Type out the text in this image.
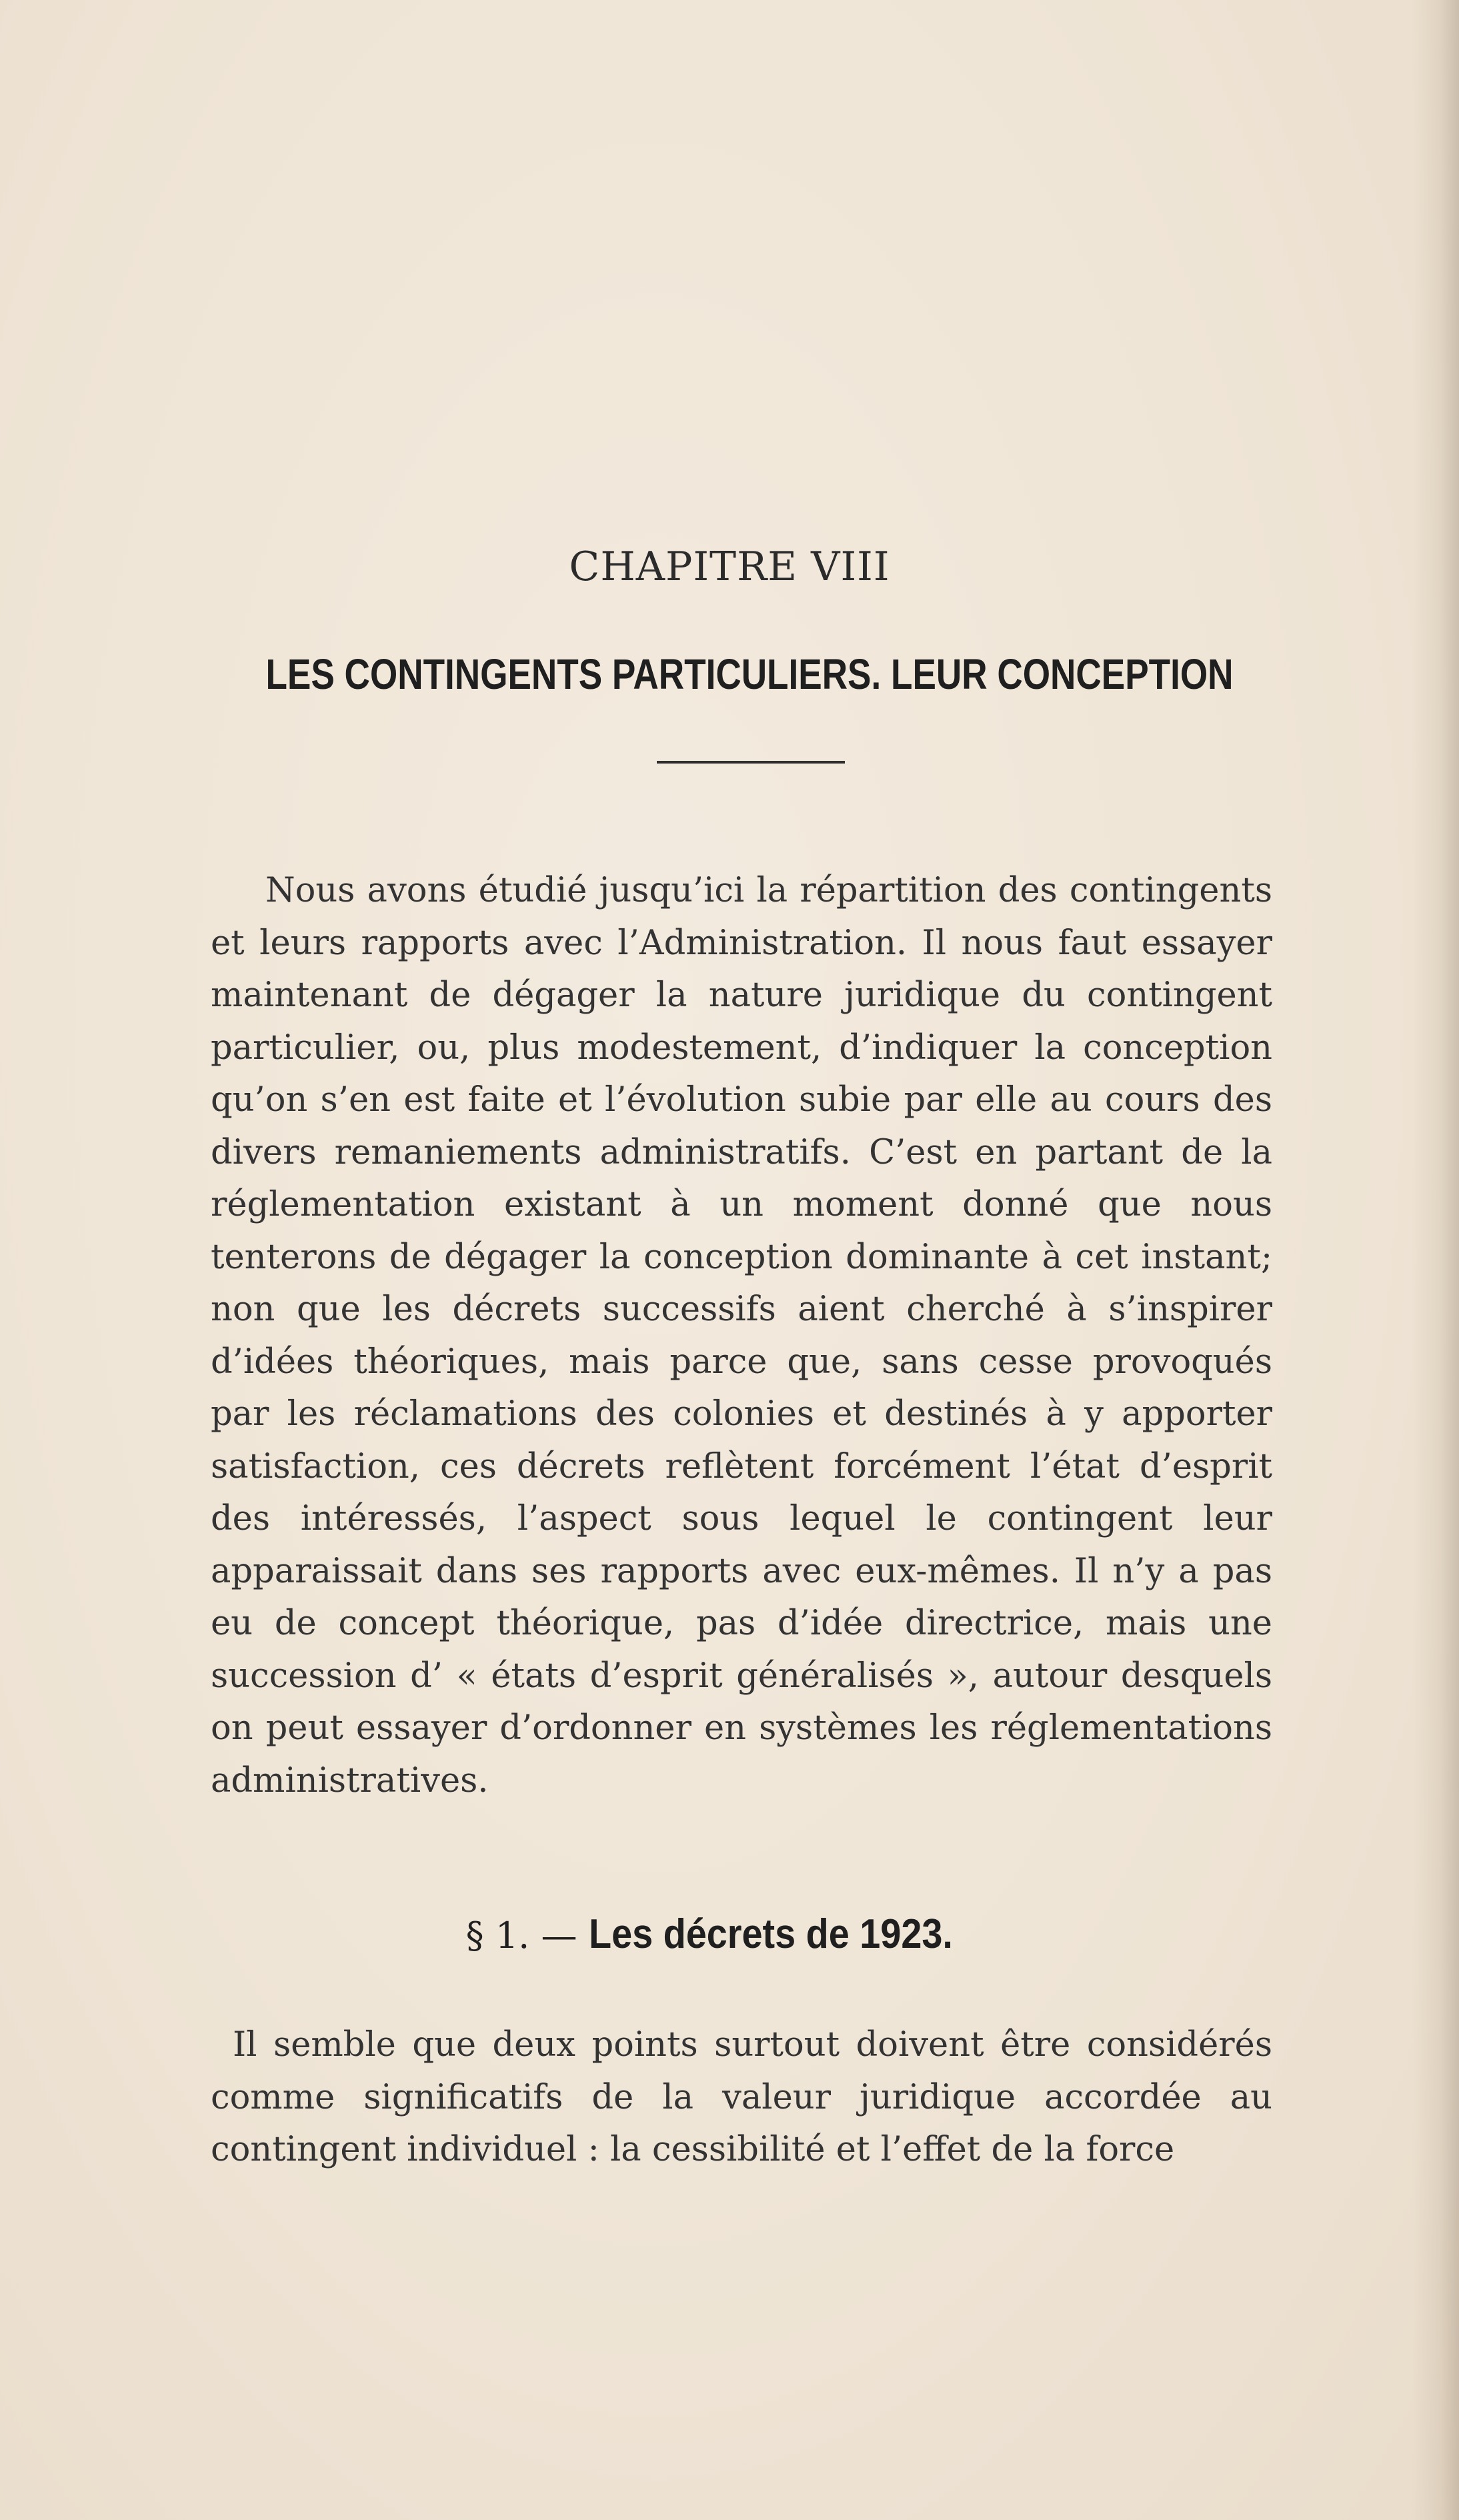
CHAPITRE VIII
LES CONTINGENTS PARTICULIERS. LEUR CONCEPTION

Nous avons étudié jusqu’ici la répartition des contingents et leurs rapports avec l’Administration. Il nous faut essayer maintenant de dégager la nature juridique du contingent particulier, ou, plus modestement, d’indiquer la conception qu’on s’en est faite et l’évolution subie par elle au cours des divers remaniements administratifs. C’est en partant de la réglementation existant à un moment donné que nous tenterons de dégager la conception dominante à cet instant; non que les décrets successifs aient cherché à s’inspirer d’idées théoriques, mais parce que, sans cesse provoqués par les réclamations des colonies et destinés à y apporter satisfaction, ces décrets reflètent forcément l’état d’esprit des intéressés, l’aspect sous lequel le contingent leur apparaissait dans ses rapports avec eux-mêmes. Il n’y a pas eu de concept théorique, pas d’idée directrice, mais une succession d’ « états d’esprit généralisés », autour desquels on peut essayer d’ordonner en systèmes les réglementations administratives.

§ 1. — Les décrets de 1923.

Il semble que deux points surtout doivent être considérés comme significatifs de la valeur juridique accordée au contingent individuel : la cessibilité et l’effet de la force
